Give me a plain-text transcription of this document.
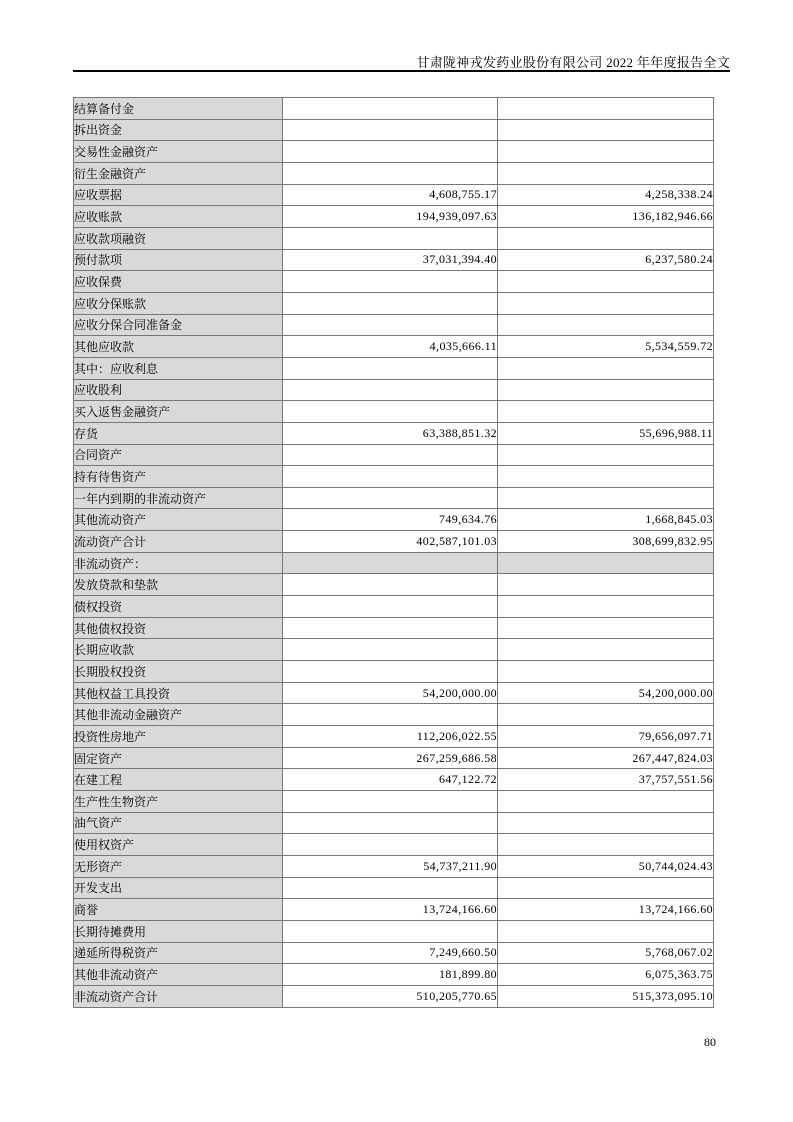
甘肃陇神戎发药业股份有限公司 2022 年年度报告全文
结算备付金		
拆出资金		
交易性金融资产		
衍生金融资产		
应收票据	4,608,755.17	4,258,338.24
应收账款	194,939,097.63	136,182,946.66
应收款项融资		
预付款项	37,031,394.40	6,237,580.24
应收保费		
应收分保账款		
应收分保合同准备金		
其他应收款	4,035,666.11	5,534,559.72
其中：应收利息		
应收股利		
买入返售金融资产		
存货	63,388,851.32	55,696,988.11
合同资产		
持有待售资产		
一年内到期的非流动资产		
其他流动资产	749,634.76	1,668,845.03
流动资产合计	402,587,101.03	308,699,832.95
非流动资产：		
发放贷款和垫款		
债权投资		
其他债权投资		
长期应收款		
长期股权投资		
其他权益工具投资	54,200,000.00	54,200,000.00
其他非流动金融资产		
投资性房地产	112,206,022.55	79,656,097.71
固定资产	267,259,686.58	267,447,824.03
在建工程	647,122.72	37,757,551.56
生产性生物资产		
油气资产		
使用权资产		
无形资产	54,737,211.90	50,744,024.43
开发支出		
商誉	13,724,166.60	13,724,166.60
长期待摊费用		
递延所得税资产	7,249,660.50	5,768,067.02
其他非流动资产	181,899.80	6,075,363.75
非流动资产合计	510,205,770.65	515,373,095.10
80
